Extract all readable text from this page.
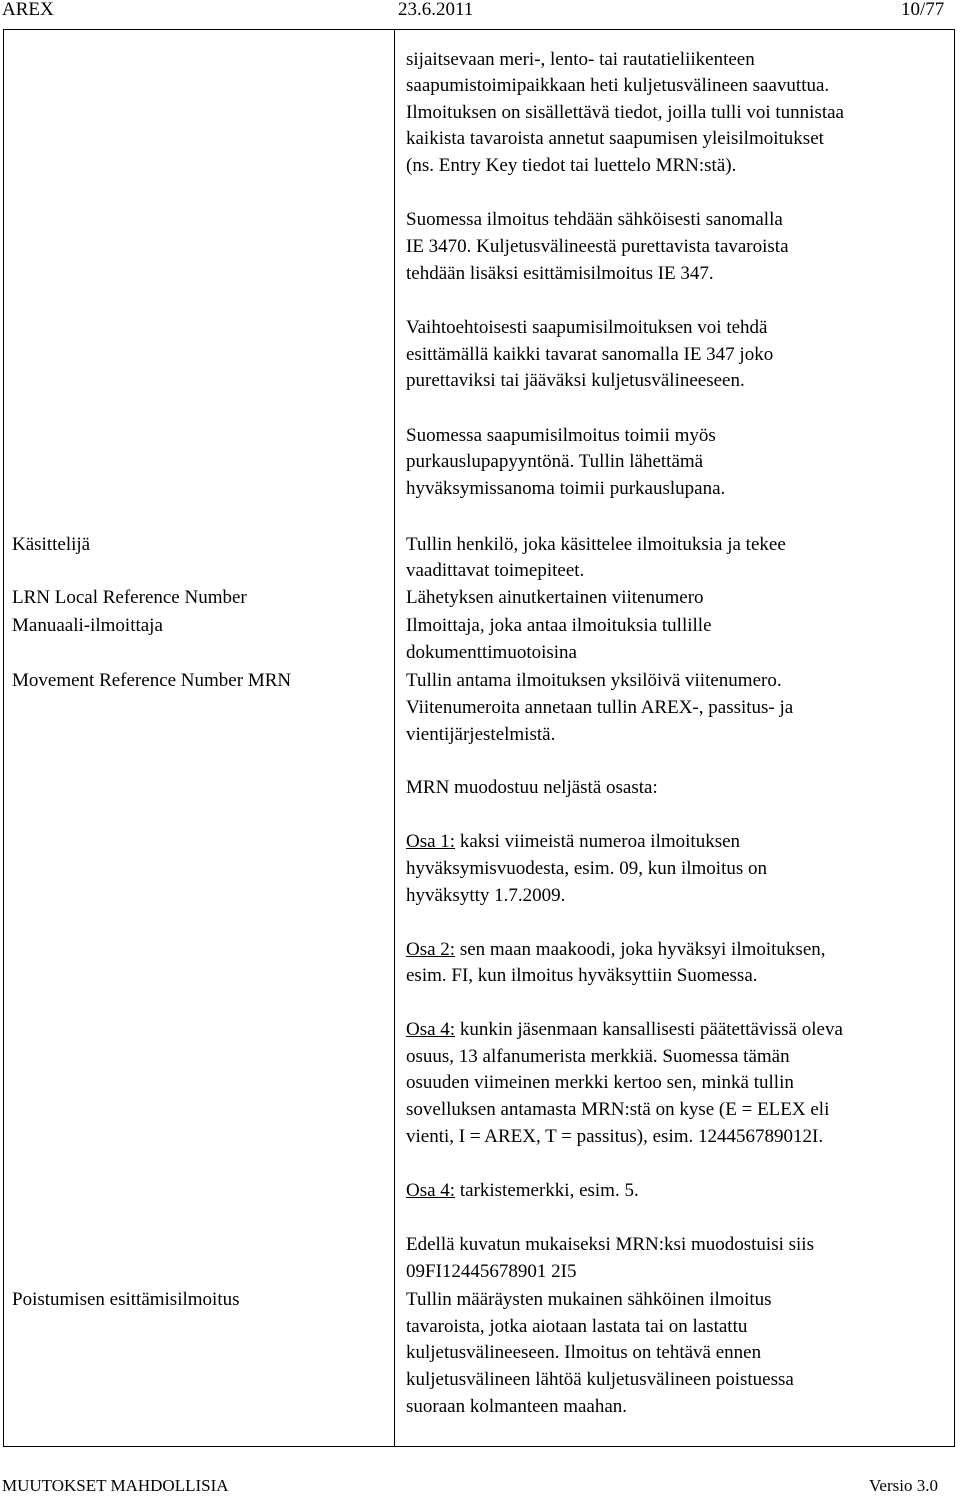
AREX	23.6.2011	10/77

sijaitsevaan meri-, lento- tai rautatieliikenteen

saapumistoimipaikkaan heti kuljetusvälineen saavuttua.

Ilmoituksen on sisällettävä tiedot, joilla tulli voi tunnistaa

kaikista tavaroista annetut saapumisen yleisilmoitukset

(ns. Entry Key tiedot tai luettelo MRN:stä).

Suomessa ilmoitus tehdään sähköisesti sanomalla

IE 3470. Kuljetusvälineestä purettavista tavaroista

tehdään lisäksi esittämisilmoitus IE 347.

Vaihtoehtoisesti saapumisilmoituksen voi tehdä

esittämällä kaikki tavarat sanomalla IE 347 joko

purettaviksi tai jääväksi kuljetusvälineeseen.

Suomessa saapumisilmoitus toimii myös

purkauslupapyyntönä. Tullin lähettämä

hyväksymissanoma toimii purkauslupana.

Käsittelijä	Tullin henkilö, joka käsittelee ilmoituksia ja tekee

vaadittavat toimepiteet.

LRN Local Reference Number	Lähetyksen ainutkertainen viitenumero

Manuaali-ilmoittaja	Ilmoittaja, joka antaa ilmoituksia tullille

dokumenttimuotoisina

Movement Reference Number MRN	Tullin antama ilmoituksen yksilöivä viitenumero.

Viitenumeroita annetaan tullin AREX-, passitus- ja

vientijärjestelmistä.

MRN muodostuu neljästä osasta:

Osa 1: kaksi viimeistä numeroa ilmoituksen

hyväksymisvuodesta, esim. 09, kun ilmoitus on

hyväksytty 1.7.2009.

Osa 2: sen maan maakoodi, joka hyväksyi ilmoituksen,

esim. FI, kun ilmoitus hyväksyttiin Suomessa.

Osa 4: kunkin jäsenmaan kansallisesti päätettävissä oleva

osuus, 13 alfanumerista merkkiä. Suomessa tämän

osuuden viimeinen merkki kertoo sen, minkä tullin

sovelluksen antamasta MRN:stä on kyse (E = ELEX eli

vienti, I = AREX, T = passitus), esim. 124456789012I.

Osa 4: tarkistemerkki, esim. 5.

Edellä kuvatun mukaiseksi MRN:ksi muodostuisi siis

09FI12445678901 2I5

Poistumisen esittämisilmoitus	Tullin määräysten mukainen sähköinen ilmoitus

tavaroista, jotka aiotaan lastata tai on lastattu

kuljetusvälineeseen. Ilmoitus on tehtävä ennen

kuljetusvälineen lähtöä kuljetusvälineen poistuessa

suoraan kolmanteen maahan.

MUUTOKSET MAHDOLLISIA	Versio 3.0
